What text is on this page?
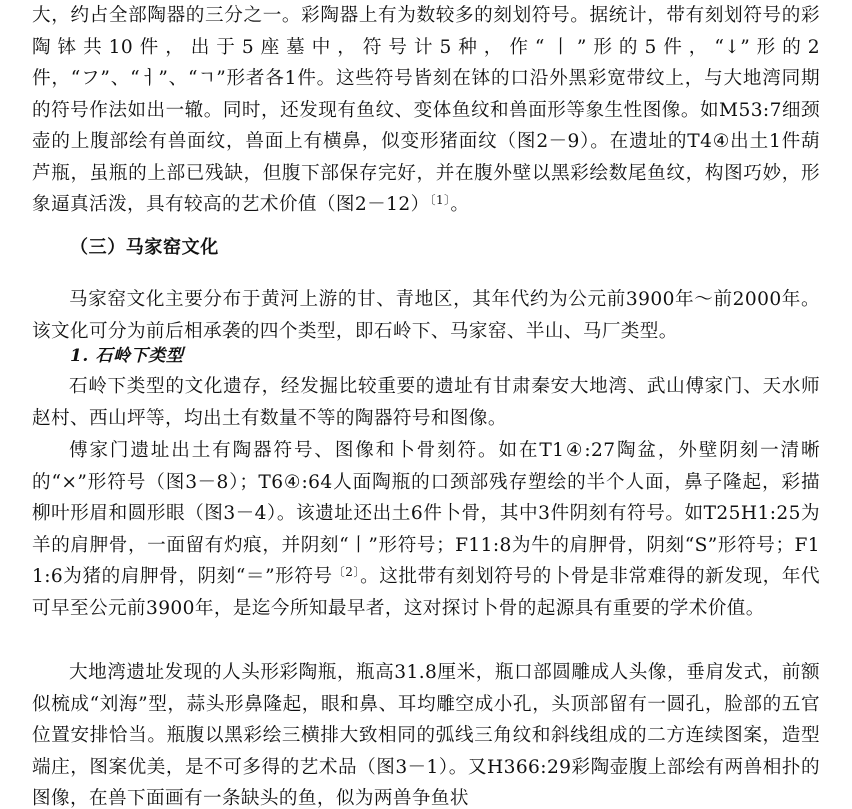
大，约占全部陶器的三分之一。彩陶器上有为数较多的刻划符号。据统计，带有刻划符号的彩陶钵共10件，出于5座墓中，符号计5种，作“丨”形的5件，“↓”形的2件，“フ”、“ㅓ”、“ㄱ”形者各1件。这些符号皆刻在钵的口沿外黑彩宽带纹上，与大地湾同期的符号作法如出一辙。同时，还发现有鱼纹、变体鱼纹和兽面形等象生性图像。如M53:7细颈壶的上腹部绘有兽面纹，兽面上有横鼻，似变形猪面纹（图2－9）。在遗址的T4④出土1件葫芦瓶，虽瓶的上部已残缺，但腹下部保存完好，并在腹外壁以黑彩绘数尾鱼纹，构图巧妙，形象逼真活泼，具有较高的艺术价值（图2－12）$^{〔1〕}$。

（三）马家窑文化

马家窑文化主要分布于黄河上游的甘、青地区，其年代约为公元前3900年～前2000年。该文化可分为前后相承袭的四个类型，即石岭下、马家窑、半山、马厂类型。

1. 石岭下类型

石岭下类型的文化遗存，经发掘比较重要的遗址有甘肃秦安大地湾、武山傅家门、天水师赵村、西山坪等，均出土有数量不等的陶器符号和图像。

傅家门遗址出土有陶器符号、图像和卜骨刻符。如在T1④:27陶盆，外壁阴刻一清晰的“×”形符号（图3－8）；T6④:64人面陶瓶的口颈部残存塑绘的半个人面，鼻子隆起，彩描柳叶形眉和圆形眼（图3－4）。该遗址还出土6件卜骨，其中3件阴刻有符号。如T25H1:25为羊的肩胛骨，一面留有灼痕，并阴刻“丨”形符号；F11:8为牛的肩胛骨，阴刻“S”形符号；F11:6为猪的肩胛骨，阴刻“＝”形符号$^{〔2〕}$。这批带有刻划符号的卜骨是非常难得的新发现，年代可早至公元前3900年，是迄今所知最早者，这对探讨卜骨的起源具有重要的学术价值。

大地湾遗址发现的人头形彩陶瓶，瓶高31.8厘米，瓶口部圆雕成人头像，垂肩发式，前额似梳成“刘海”型，蒜头形鼻隆起，眼和鼻、耳均雕空成小孔，头顶部留有一圆孔，脸部的五官位置安排恰当。瓶腹以黑彩绘三横排大致相同的弧线三角纹和斜线组成的二方连续图案，造型端庄，图案优美，是不可多得的艺术品（图3－1）。又H366:29彩陶壶腹上部绘有两兽相扑的图像，在兽下面画有一条缺头的鱼，似为两兽争鱼状
